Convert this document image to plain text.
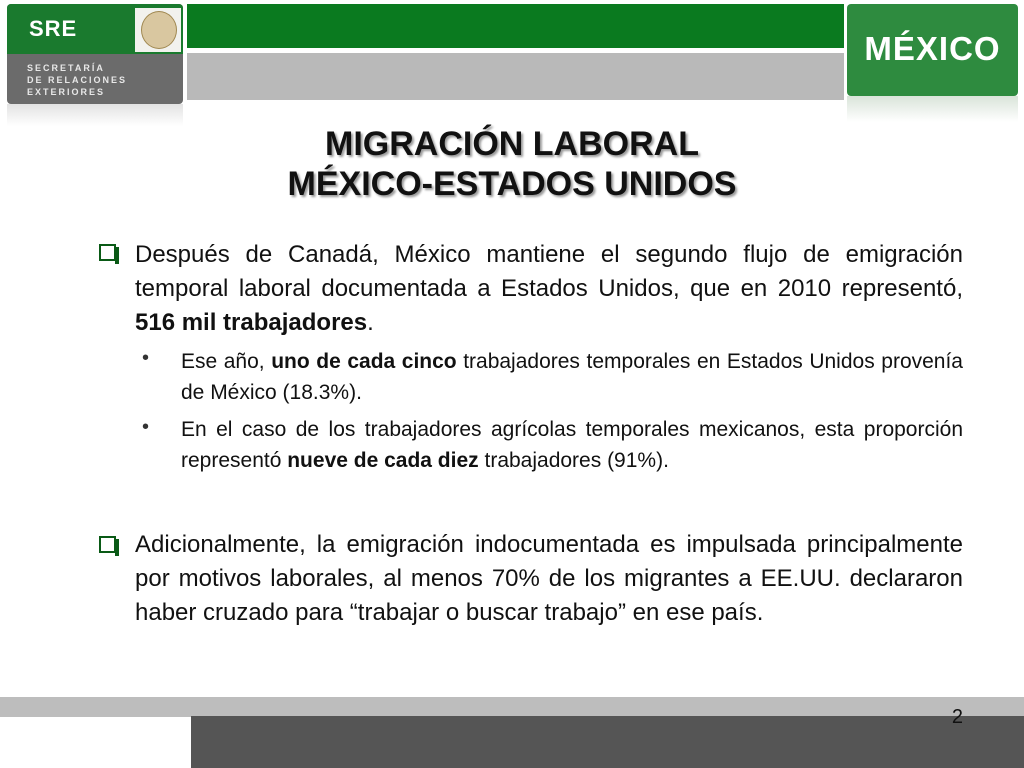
SRE
SECRETARÍA
DE RELACIONES
EXTERIORES
MÉXICO
MIGRACIÓN LABORAL
MÉXICO-ESTADOS UNIDOS
Después de Canadá, México mantiene el segundo flujo de emigración temporal laboral documentada a Estados Unidos, que en 2010 representó, 516 mil trabajadores.
• Ese año, uno de cada cinco trabajadores temporales en Estados Unidos provenía de México (18.3%).
• En el caso de los trabajadores agrícolas temporales mexicanos, esta proporción representó nueve de cada diez trabajadores (91%).
Adicionalmente, la emigración indocumentada es impulsada principalmente por motivos laborales, al menos 70% de los migrantes a EE.UU. declararon haber cruzado para “trabajar o buscar trabajo” en ese país.
2
